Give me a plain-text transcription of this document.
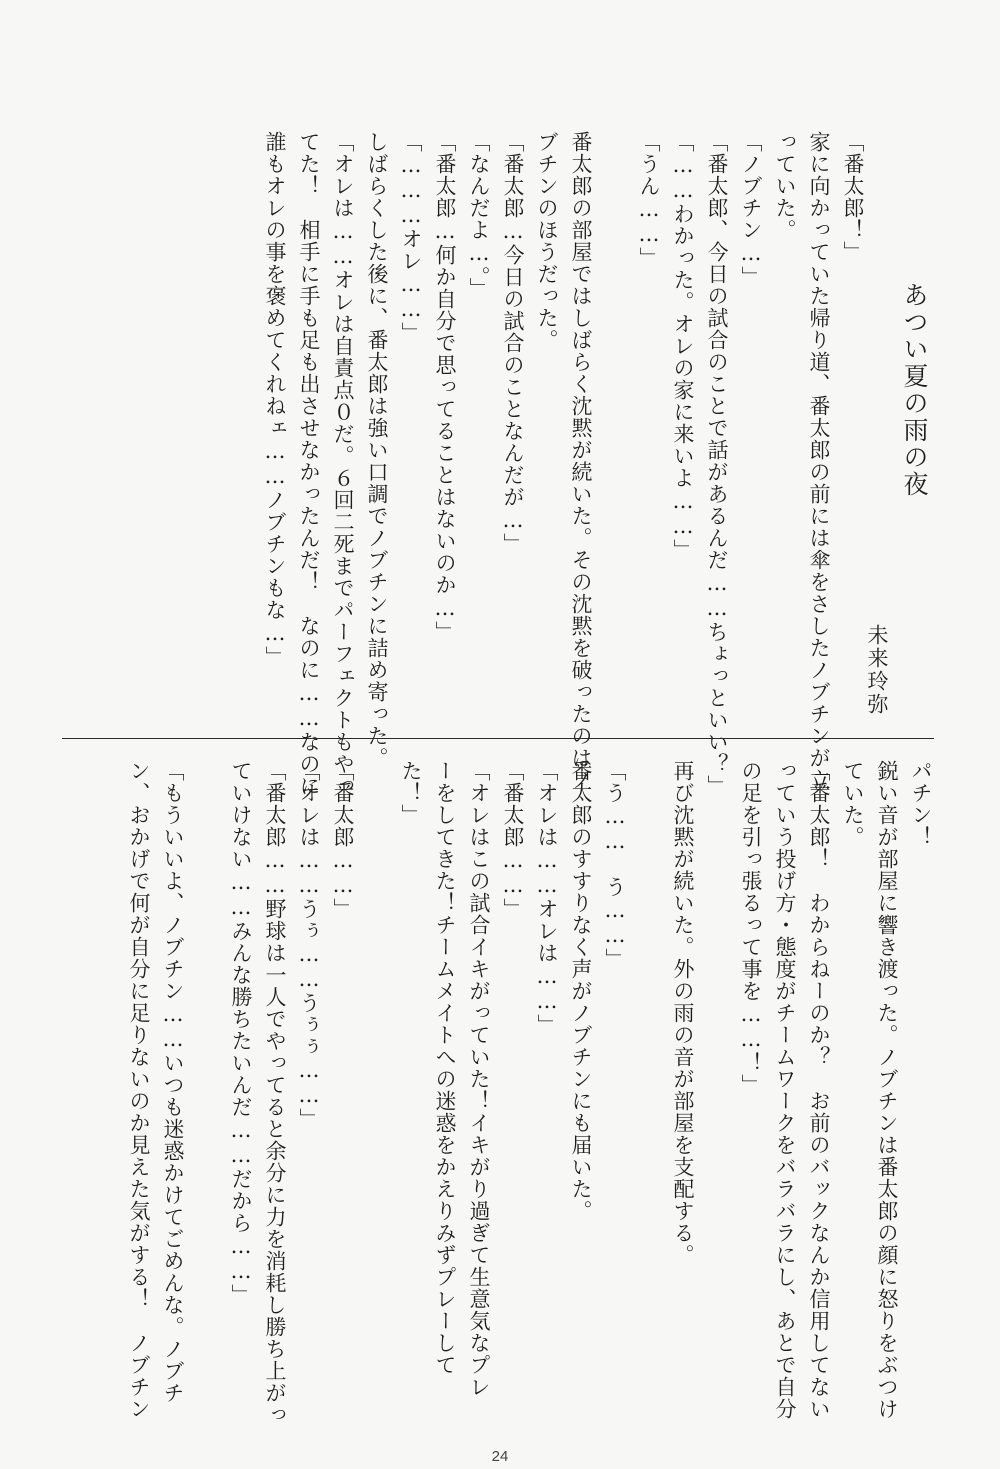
あつい夏の雨の夜
未来玲弥
「番太郎！」
家に向かっていた帰り道、番太郎の前には傘をさしたノブチンが立
っていた。
「ノブチン…」
「番太郎、今日の試合のことで話があるんだ……ちょっといい？」
「……わかった。オレの家に来いよ……」
「うん……」
番太郎の部屋ではしばらく沈黙が続いた。その沈黙を破ったのはノ
ブチンのほうだった。
「番太郎…今日の試合のことなんだが…」
「なんだよ…。」
「番太郎…何か自分で思ってることはないのか…」
「………オレ……」
しばらくした後に、番太郎は強い口調でノブチンに詰め寄った。
「オレは……オレは自責点０だ。６回二死までパーフェクトもやっ
てた！　相手に手も足も出させなかったんだ！　なのに……なのに
誰もオレの事を褒めてくれねェ……ノブチンもな…」
パチン！
鋭い音が部屋に響き渡った。ノブチンは番太郎の顔に怒りをぶつけ
ていた。
「番太郎！　わからねーのか？　お前のバックなんか信用してない
っていう投げ方・態度がチームワークをバラバラにし、あとで自分
の足を引っ張るって事を……！」
再び沈黙が続いた。外の雨の音が部屋を支配する。
「う……　う……」
番太郎のすすりなく声がノブチンにも届いた。
「オレは……オレは……」
「番太郎……」
「オレはこの試合イキがっていた！イキがり過ぎて生意気なプレ
ーをしてきた！チームメイトへの迷惑をかえりみずプレーして
た！」
「番太郎……」
「オレは……うぅ……うぅぅ……」
「番太郎……野球は一人でやってると余分に力を消耗し勝ち上がっ
ていけない……みんな勝ちたいんだ……だから……」
「もういいよ、ノブチン……いつも迷惑かけてごめんな。ノブチ
ン、おかげで何が自分に足りないのか見えた気がする！　ノブチン
24
